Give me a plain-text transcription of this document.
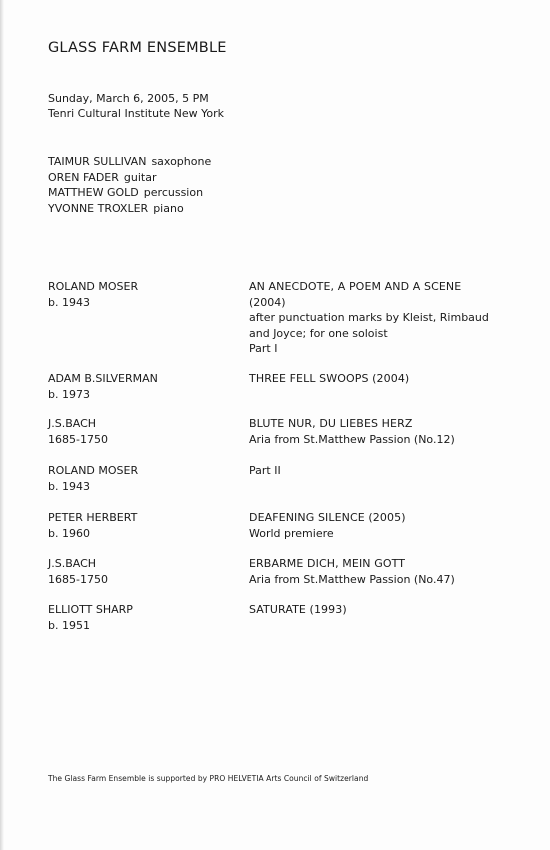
GLASS FARM ENSEMBLE
Sunday, March 6, 2005, 5 PM
Tenri Cultural Institute New York
TAIMUR SULLIVAN saxophone
OREN FADER guitar
MATTHEW GOLD percussion
YVONNE TROXLER piano
ROLAND MOSER
b. 1943
AN ANECDOTE, A POEM AND A SCENE
(2004)
after punctuation marks by Kleist, Rimbaud
and Joyce; for one soloist
Part I
ADAM B.SILVERMAN
b. 1973
THREE FELL SWOOPS (2004)
J.S.BACH
1685-1750
BLUTE NUR, DU LIEBES HERZ
Aria from St.Matthew Passion (No.12)
ROLAND MOSER
b. 1943
Part II
PETER HERBERT
b. 1960
DEAFENING SILENCE (2005)
World premiere
J.S.BACH
1685-1750
ERBARME DICH, MEIN GOTT
Aria from St.Matthew Passion (No.47)
ELLIOTT SHARP
b. 1951
SATURATE (1993)
The Glass Farm Ensemble is supported by PRO HELVETIA Arts Council of Switzerland
